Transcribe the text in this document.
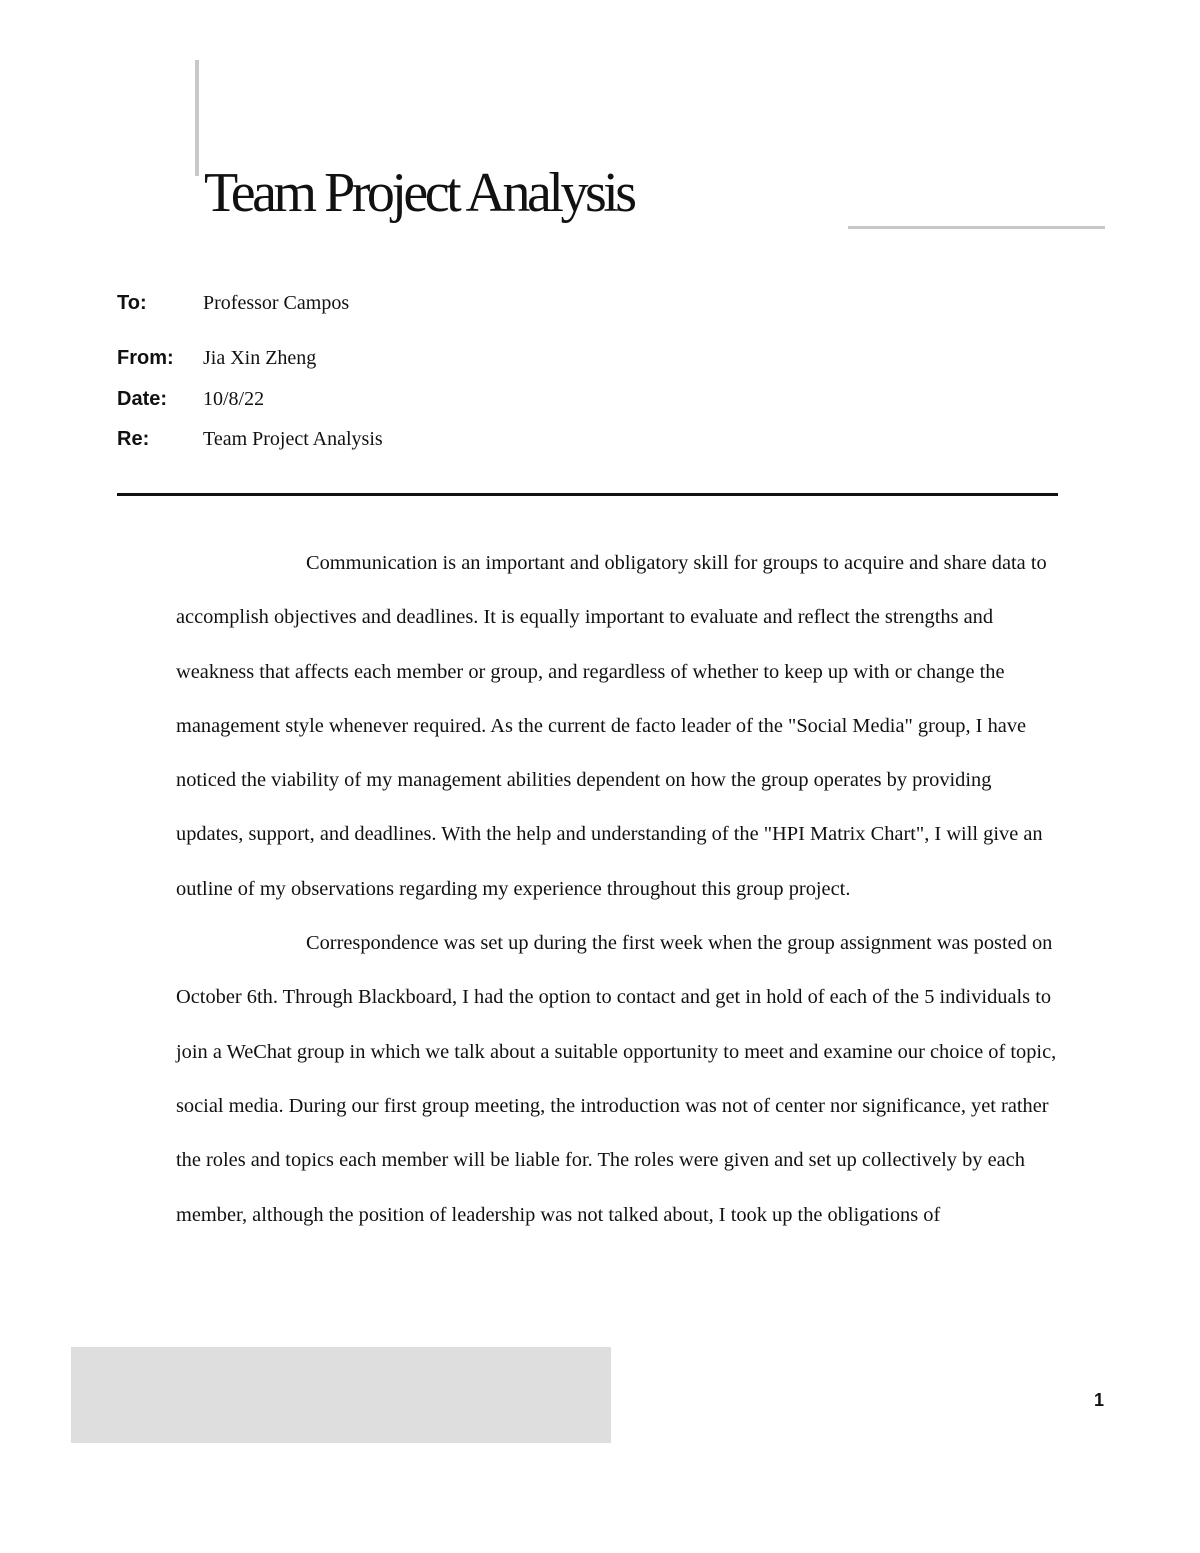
Team Project Analysis
To:	Professor Campos
From: Jia Xin Zheng
Date: 10/8/22
Re:	Team Project Analysis

Communication is an important and obligatory skill for groups to acquire and share data to accomplish objectives and deadlines. It is equally important to evaluate and reflect the strengths and weakness that affects each member or group, and regardless of whether to keep up with or change the management style whenever required. As the current de facto leader of the "Social Media" group, I have noticed the viability of my management abilities dependent on how the group operates by providing updates, support, and deadlines. With the help and understanding of the "HPI Matrix Chart", I will give an outline of my observations regarding my experience throughout this group project.

Correspondence was set up during the first week when the group assignment was posted on October 6th. Through Blackboard, I had the option to contact and get in hold of each of the 5 individuals to join a WeChat group in which we talk about a suitable opportunity to meet and examine our choice of topic, social media. During our first group meeting, the introduction was not of center nor significance, yet rather the roles and topics each member will be liable for. The roles were given and set up collectively by each member, although the position of leadership was not talked about, I took up the obligations of

1
